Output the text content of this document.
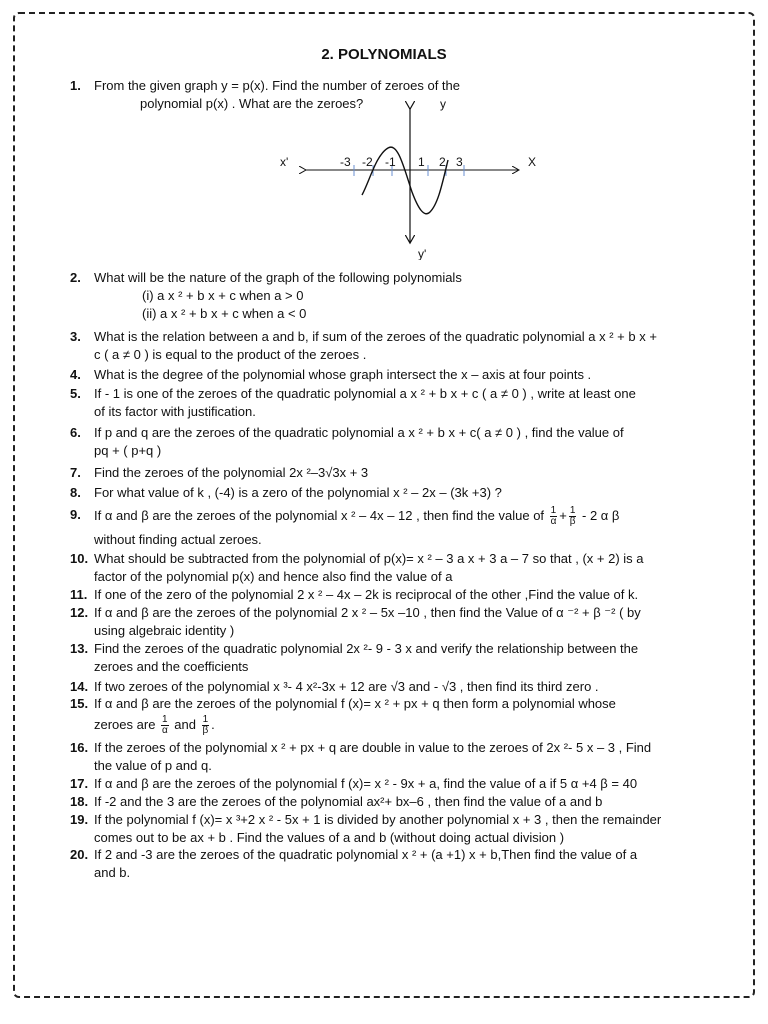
2. POLYNOMIALS
1. From the given graph y = p(x). Find the number of zeroes of the
polynomial p(x) . What are the zeroes?	y
x'	X
y'
-3 -2 -1 1 2 3
2. What will be the nature of the graph of the following polynomials
(i) a x ² + b x + c when a > 0
(ii) a x ² + b x + c when a < 0
3. What is the relation between a and b, if sum of the zeroes of the quadratic polynomial a x ² + b x +
c ( a ≠ 0 ) is equal to the product of the zeroes .
4. What is the degree of the polynomial whose graph intersect the x – axis at four points .
5. If - 1 is one of the zeroes of the quadratic polynomial a x ² + b x + c ( a ≠ 0 ) , write at least one
of its factor with justification.
6. If p and q are the zeroes of the quadratic polynomial a x ² + b x + c( a ≠ 0 ) , find the value of
pq + ( p+q )
7. Find the zeroes of the polynomial 2x ²–3√3x + 3
8. For what value of k , (-4) is a zero of the polynomial x ² – 2x – (3k +3) ?
9. If α and β are the zeroes of the polynomial x ² – 4x – 12 , then find the value of $\frac{1}{\alpha} + \frac{1}{\beta} - 2$ α β
without finding actual zeroes.
10. What should be subtracted from the polynomial of p(x)= x ² – 3 a x + 3 a – 7 so that , (x + 2) is a
factor of the polynomial p(x) and hence also find the value of a
11. If one of the zero of the polynomial 2 x ² – 4x – 2k is reciprocal of the other ,Find the value of k.
12. If α and β are the zeroes of the polynomial 2 x ² – 5x –10 , then find the Value of α ⁻² + β ⁻² ( by
using algebraic identity )
13. Find the zeroes of the quadratic polynomial 2x ²- 9 - 3 x and verify the relationship between the
zeroes and the coefficients
14. If two zeroes of the polynomial x ³- 4 x²-3x + 12 are √3 and - √3 , then find its third zero .
15. If α and β are the zeroes of the polynomial f (x)= x ² + px + q then form a polynomial whose
zeroes are $\frac{1}{\alpha}$ and $\frac{1}{\beta}$ .
16. If the zeroes of the polynomial x ² + px + q are double in value to the zeroes of 2x ²- 5 x – 3 , Find
the value of p and q.
17. If α and β are the zeroes of the polynomial f (x)= x ² - 9x + a, find the value of a if 5 α +4 β = 40
18. If -2 and the 3 are the zeroes of the polynomial ax²+ bx–6 , then find the value of a and b
19. If the polynomial f (x)= x ³+2 x ² - 5x + 1 is divided by another polynomial x + 3 , then the remainder
comes out to be ax + b . Find the values of a and b (without doing actual division )
20. If 2 and -3 are the zeroes of the quadratic polynomial x ² + (a +1) x + b,Then find the value of a
and b.
